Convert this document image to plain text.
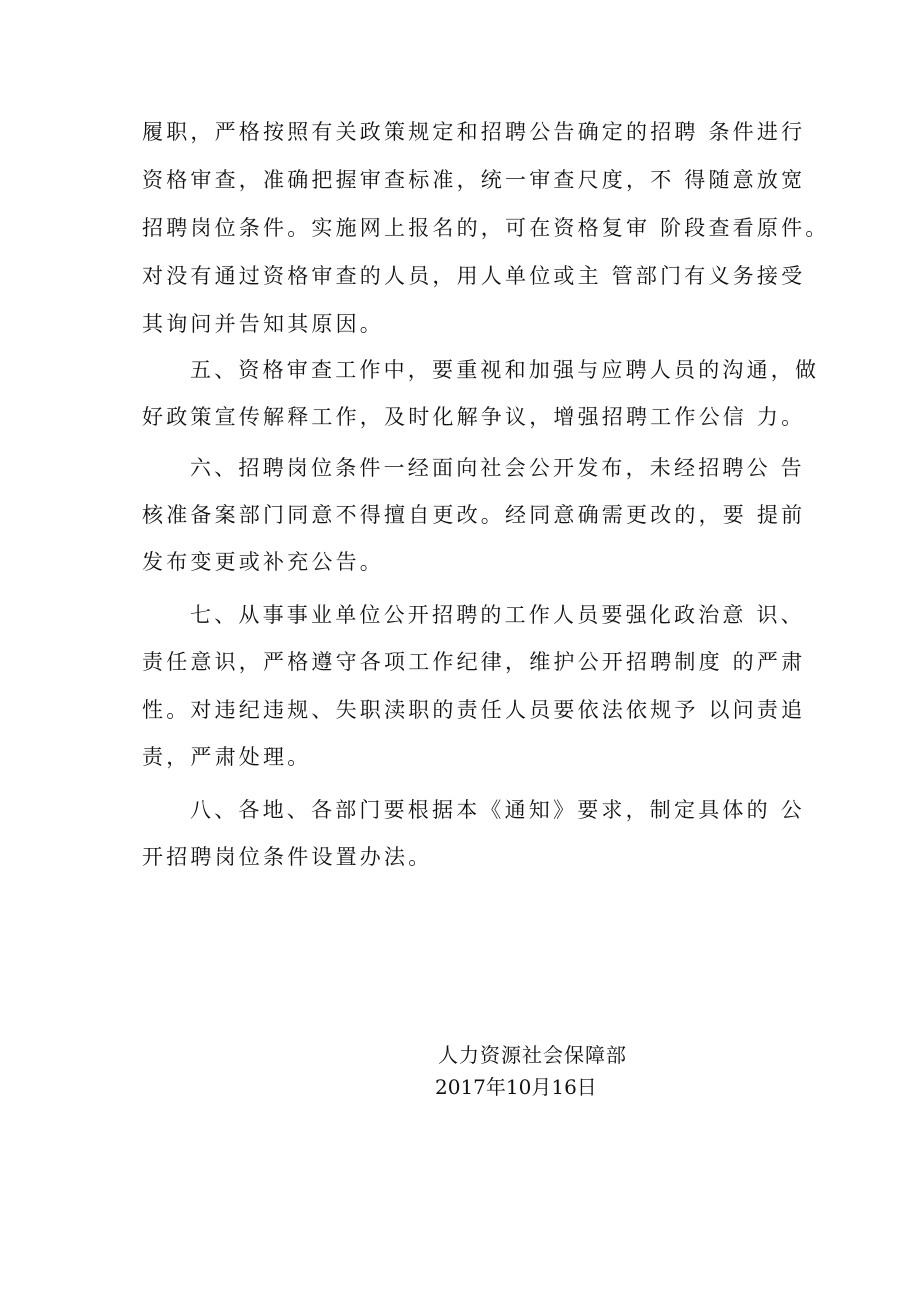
履职，严格按照有关政策规定和招聘公告确定的招聘 条件进行
资格审查，准确把握审查标准，统一审查尺度，不 得随意放宽
招聘岗位条件。实施网上报名的，可在资格复审 阶段查看原件。
对没有通过资格审查的人员，用人单位或主 管部门有义务接受
其询问并告知其原因。
五、资格审查工作中，要重视和加强与应聘人员的沟通，做
好政策宣传解释工作，及时化解争议，增强招聘工作公信 力。
六、招聘岗位条件一经面向社会公开发布，未经招聘公 告
核准备案部门同意不得擅自更改。经同意确需更改的，要 提前
发布变更或补充公告。
七、从事事业单位公开招聘的工作人员要强化政治意 识、
责任意识，严格遵守各项工作纪律，维护公开招聘制度 的严肃
性。对违纪违规、失职渎职的责任人员要依法依规予 以问责追
责，严肃处理。
八、各地、各部门要根据本《通知》要求，制定具体的 公
开招聘岗位条件设置办法。
人力资源社会保障部
2017年10月16日
